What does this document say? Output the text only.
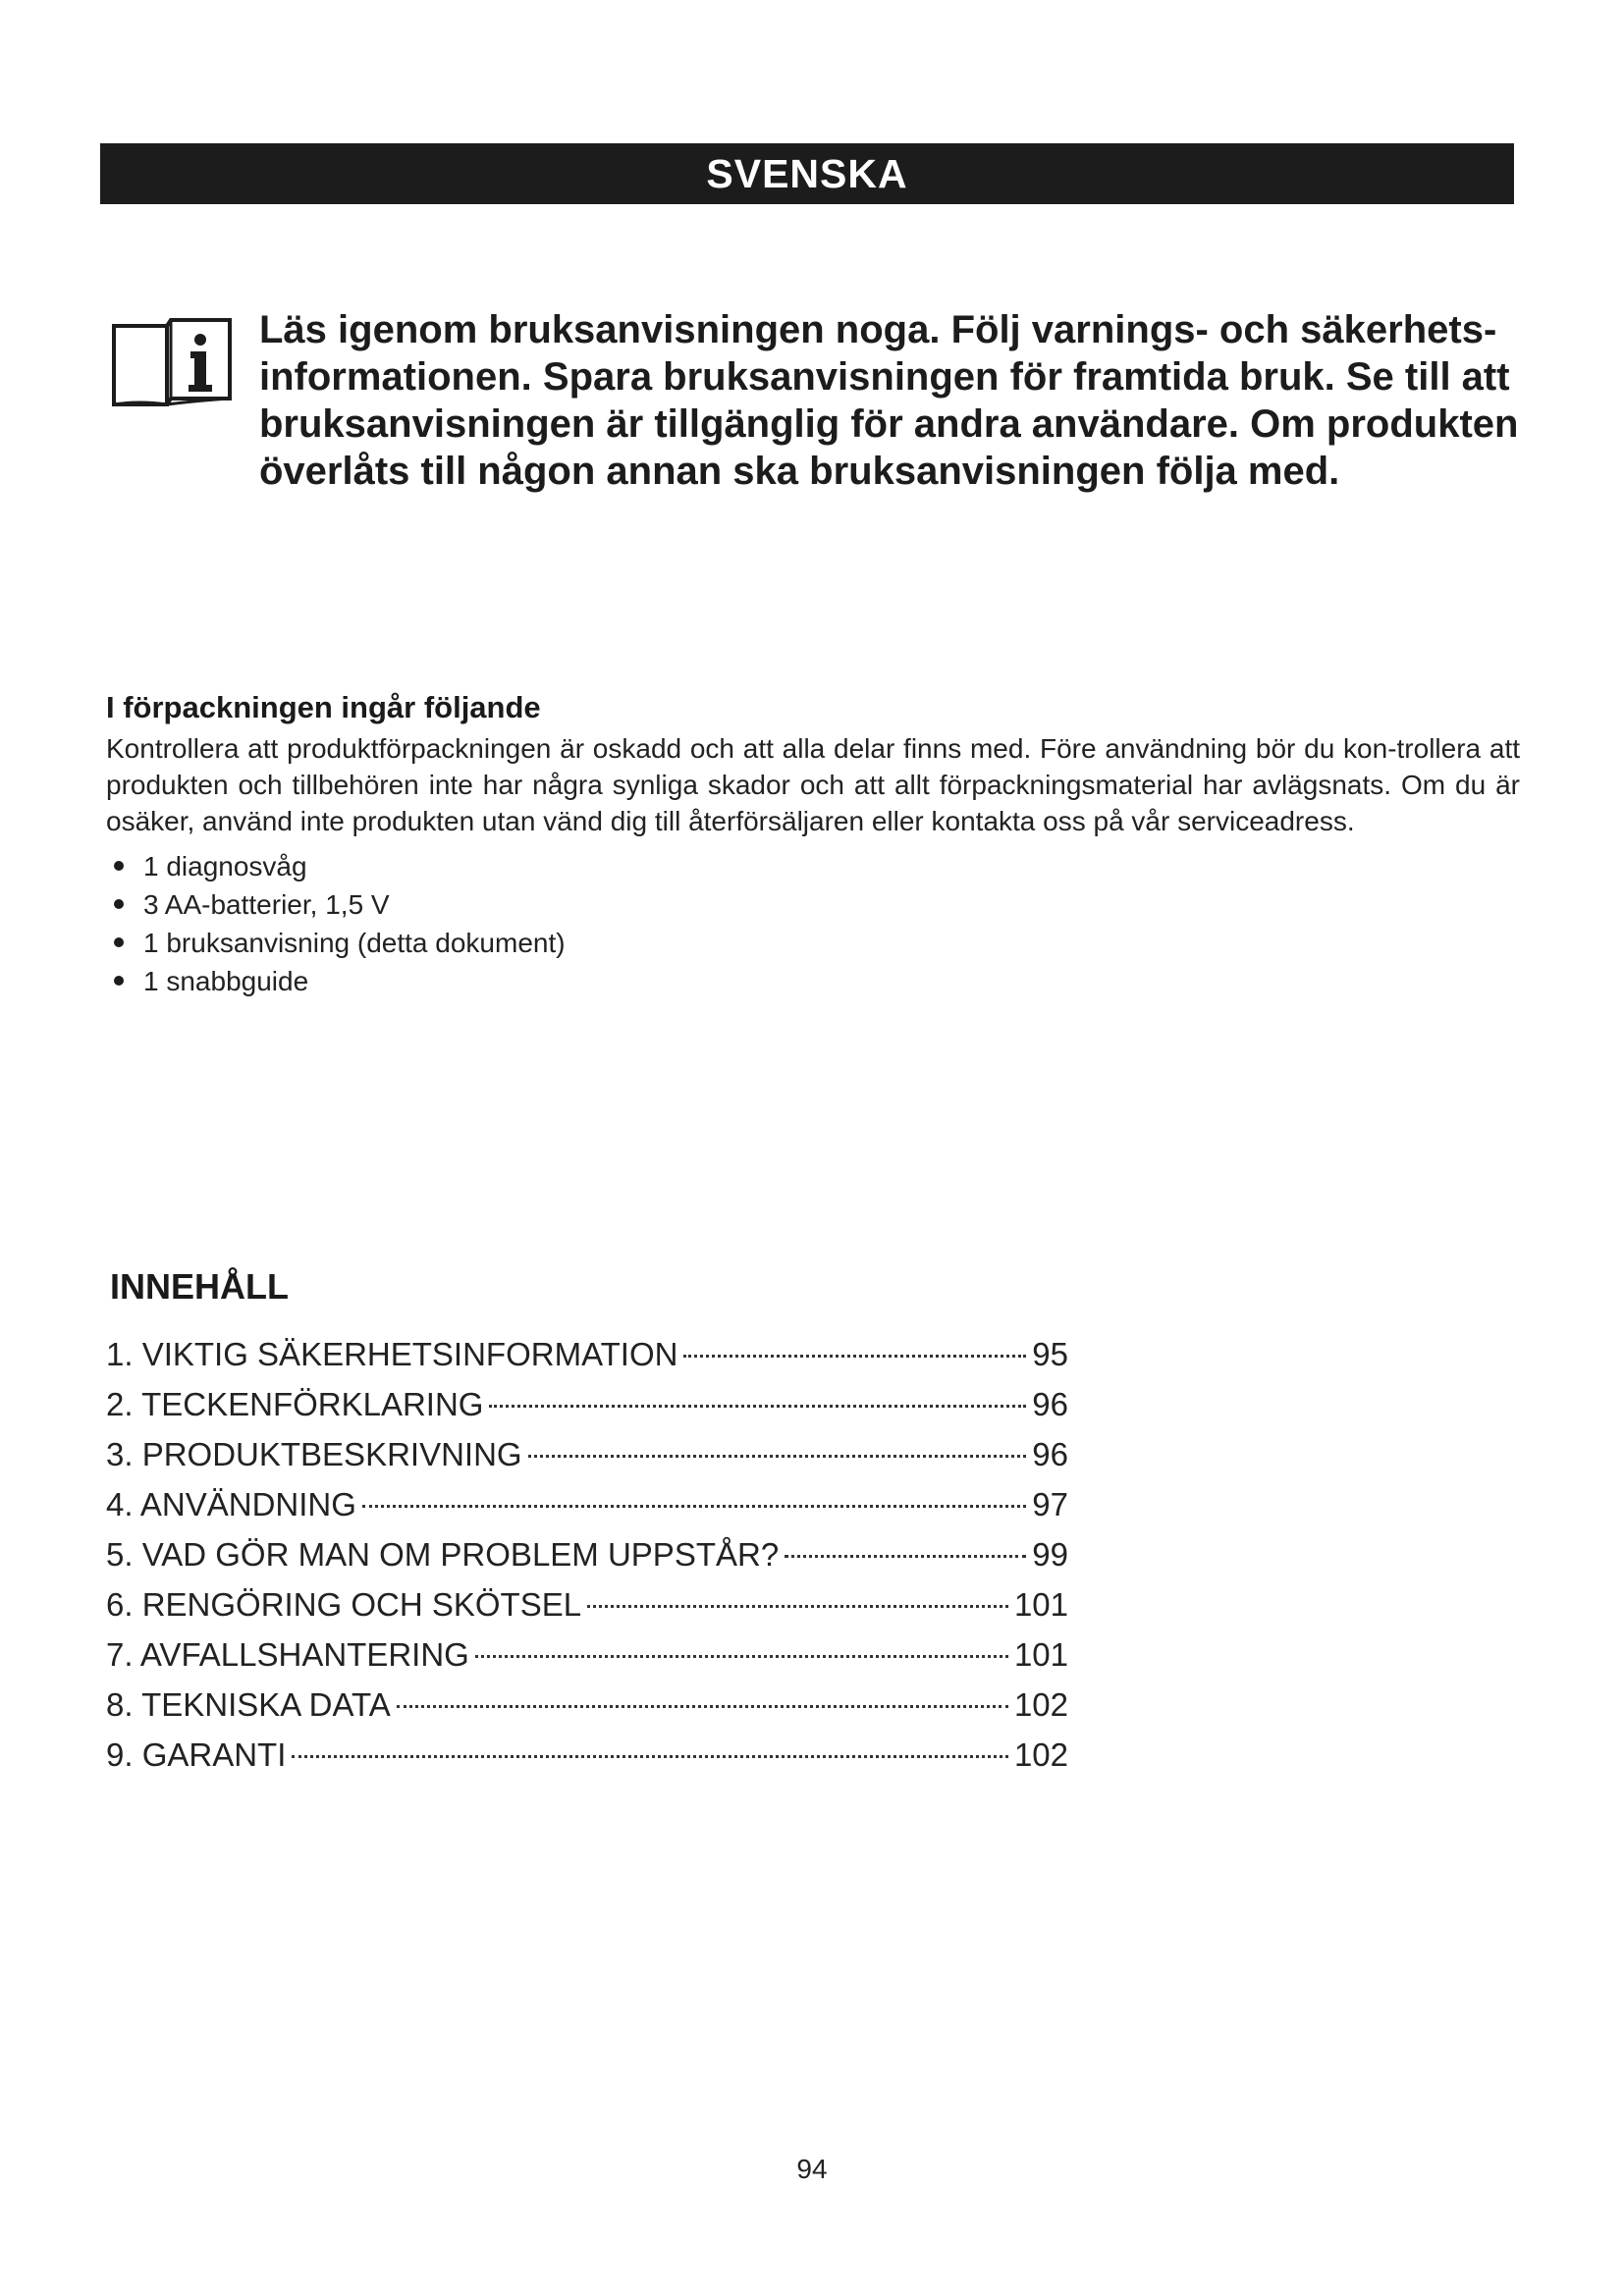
SVENSKA
Läs igenom bruksanvisningen noga. Följ varnings- och säkerhets-informationen. Spara bruksanvisningen för framtida bruk. Se till att bruksanvisningen är tillgänglig för andra användare. Om produkten överlåts till någon annan ska bruksanvisningen följa med.
I förpackningen ingår följande

Kontrollera att produktförpackningen är oskadd och att alla delar finns med. Före användning bör du kon-trollera att produkten och tillbehören inte har några synliga skador och att allt förpackningsmaterial har avlägsnats. Om du är osäker, använd inte produkten utan vänd dig till återförsäljaren eller kontakta oss på vår serviceadress.

1 diagnosvåg
3 AA-batterier, 1,5 V
1 bruksanvisning (detta dokument)
1 snabbguide
INNEHÅLL
1. VIKTIG SÄKERHETSINFORMATION	95
2. TECKENFÖRKLARING	96
3. PRODUKTBESKRIVNING	96
4. ANVÄNDNING	97
5. VAD GÖR MAN OM PROBLEM UPPSTÅR?	99
6. RENGÖRING OCH SKÖTSEL	101
7. AVFALLSHANTERING	101
8. TEKNISKA DATA	102
9. GARANTI	102
94
